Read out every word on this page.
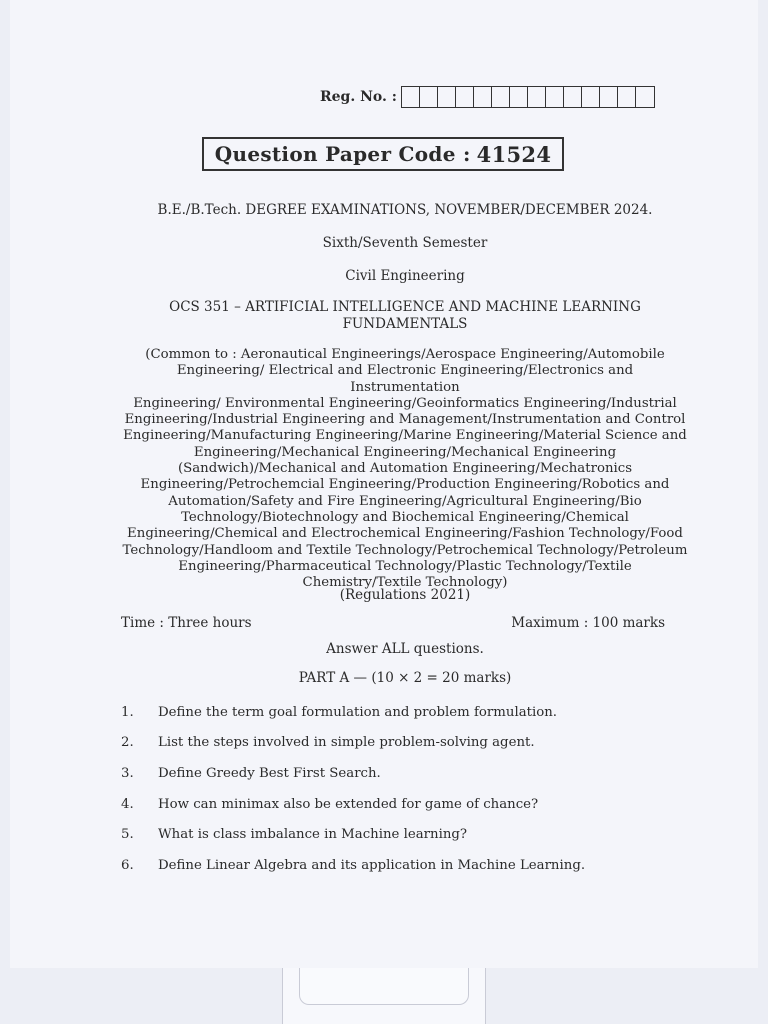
Reg. No. :
Question Paper Code : 41524
B.E./B.Tech. DEGREE EXAMINATIONS, NOVEMBER/DECEMBER 2024.
Sixth/Seventh Semester
Civil Engineering
OCS 351 – ARTIFICIAL INTELLIGENCE AND MACHINE LEARNING
FUNDAMENTALS
(Common to : Aeronautical Engineerings/Aerospace Engineering/Automobile
Engineering/ Electrical and Electronic Engineering/Electronics and Instrumentation
Engineering/ Environmental Engineering/Geoinformatics Engineering/Industrial
Engineering/Industrial Engineering and Management/Instrumentation and Control
Engineering/Manufacturing Engineering/Marine Engineering/Material Science and
Engineering/Mechanical Engineering/Mechanical Engineering
(Sandwich)/Mechanical and Automation Engineering/Mechatronics
Engineering/Petrochemcial Engineering/Production Engineering/Robotics and
Automation/Safety and Fire Engineering/Agricultural Engineering/Bio
Technology/Biotechnology and Biochemical Engineering/Chemical
Engineering/Chemical and Electrochemical Engineering/Fashion Technology/Food
Technology/Handloom and Textile Technology/Petrochemical Technology/Petroleum
Engineering/Pharmaceutical Technology/Plastic Technology/Textile
Chemistry/Textile Technology)
(Regulations 2021)
Time : Three hours	Maximum : 100 marks
Answer ALL questions.
PART A — (10 × 2 = 20 marks)
1. Define the term goal formulation and problem formulation.
2. List the steps involved in simple problem-solving agent.
3. Define Greedy Best First Search.
4. How can minimax also be extended for game of chance?
5. What is class imbalance in Machine learning?
6. Define Linear Algebra and its application in Machine Learning.
